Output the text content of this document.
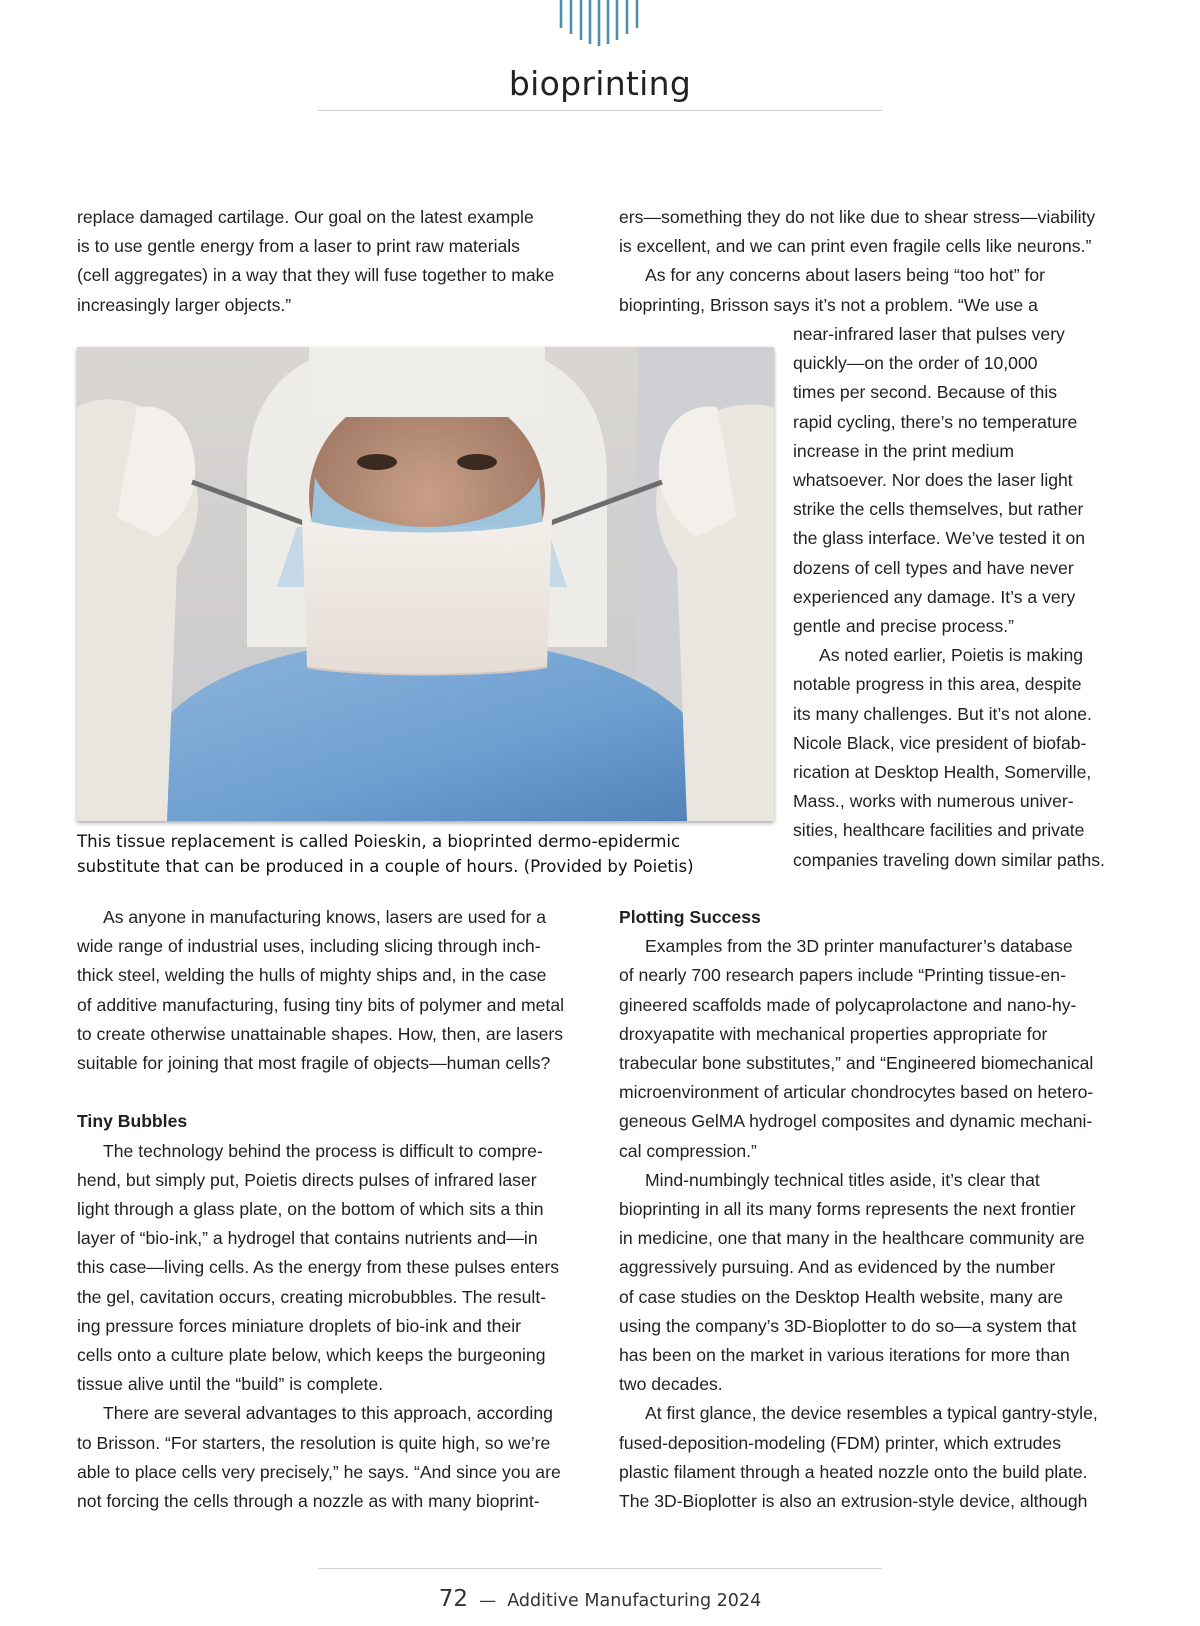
bioprinting

replace damaged cartilage. Our goal on the latest example

is to use gentle energy from a laser to print raw materials

(cell aggregates) in a way that they will fuse together to make

increasingly larger objects.”

ers—something they do not like due to shear stress—viability

is excellent, and we can print even fragile cells like neurons.”

As for any concerns about lasers being “too hot” for

bioprinting, Brisson says it’s not a problem. “We use a

near-infrared laser that pulses very

quickly—on the order of 10,000

times per second. Because of this

rapid cycling, there’s no temperature

increase in the print medium

whatsoever. Nor does the laser light

strike the cells themselves, but rather

the glass interface. We’ve tested it on

dozens of cell types and have never

experienced any damage. It’s a very

gentle and precise process.”

As noted earlier, Poietis is making

notable progress in this area, despite

its many challenges. But it’s not alone.

Nicole Black, vice president of biofab-

rication at Desktop Health, Somerville,

Mass., works with numerous univer-

sities, healthcare facilities and private

companies traveling down similar paths.

This tissue replacement is called Poieskin, a bioprinted dermo-epidermic substitute that can be produced in a couple of hours. (Provided by Poietis)

As anyone in manufacturing knows, lasers are used for a

wide range of industrial uses, including slicing through inch-

thick steel, welding the hulls of mighty ships and, in the case

of additive manufacturing, fusing tiny bits of polymer and metal

to create otherwise unattainable shapes. How, then, are lasers

suitable for joining that most fragile of objects—human cells?

Tiny Bubbles

The technology behind the process is difficult to compre-

hend, but simply put, Poietis directs pulses of infrared laser

light through a glass plate, on the bottom of which sits a thin

layer of “bio-ink,” a hydrogel that contains nutrients and—in

this case—living cells. As the energy from these pulses enters

the gel, cavitation occurs, creating microbubbles. The result-

ing pressure forces miniature droplets of bio-ink and their

cells onto a culture plate below, which keeps the burgeoning

tissue alive until the “build” is complete.

There are several advantages to this approach, according

to Brisson. “For starters, the resolution is quite high, so we’re

able to place cells very precisely,” he says. “And since you are

not forcing the cells through a nozzle as with many bioprint-

Plotting Success

Examples from the 3D printer manufacturer’s database

of nearly 700 research papers include “Printing tissue-en-

gineered scaffolds made of polycaprolactone and nano-hy-

droxyapatite with mechanical properties appropriate for

trabecular bone substitutes,” and “Engineered biomechanical

microenvironment of articular chondrocytes based on hetero-

geneous GelMA hydrogel composites and dynamic mechani-

cal compression.”

Mind-numbingly technical titles aside, it’s clear that

bioprinting in all its many forms represents the next frontier

in medicine, one that many in the healthcare community are

aggressively pursuing. And as evidenced by the number

of case studies on the Desktop Health website, many are

using the company’s 3D-Bioplotter to do so—a system that

has been on the market in various iterations for more than

two decades.

At first glance, the device resembles a typical gantry-style,

fused-deposition-modeling (FDM) printer, which extrudes

plastic filament through a heated nozzle onto the build plate.

The 3D-Bioplotter is also an extrusion-style device, although

72 — Additive Manufacturing 2024
